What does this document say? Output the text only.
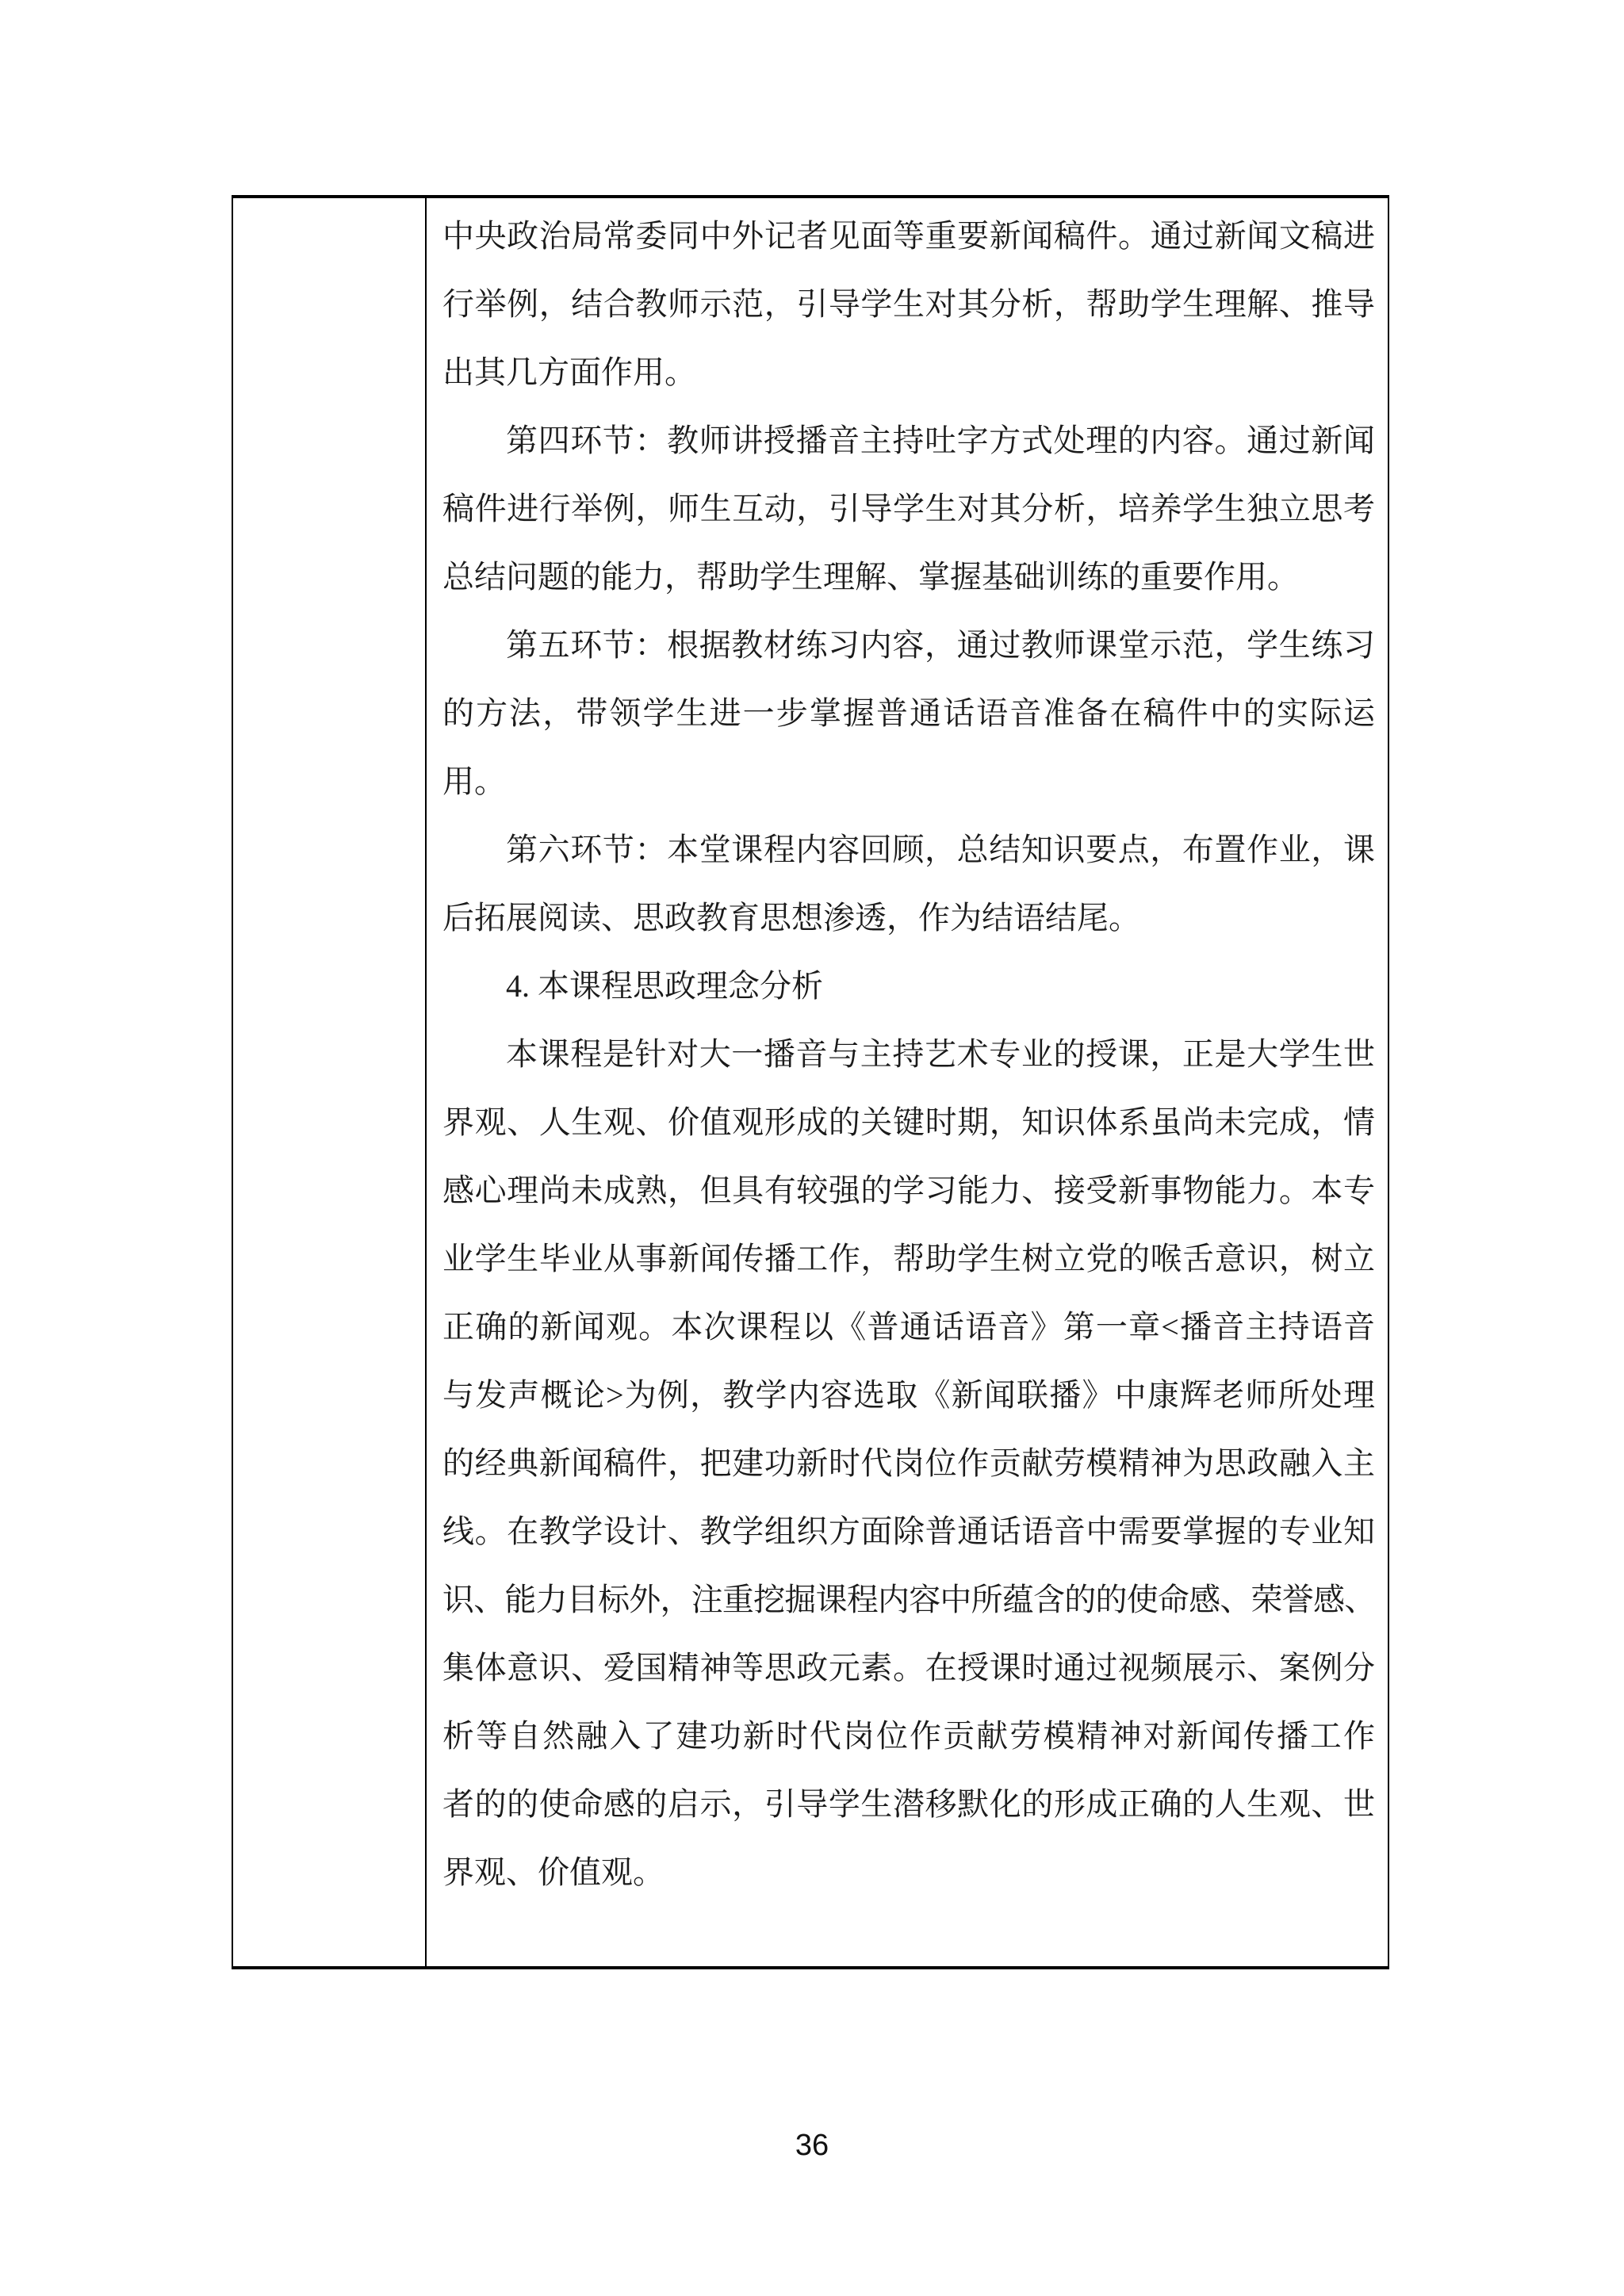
中央政治局常委同中外记者见面等重要新闻稿件。通过新闻文稿进
行举例，结合教师示范，引导学生对其分析，帮助学生理解、推导
出其几方面作用。
第四环节：教师讲授播音主持吐字方式处理的内容。通过新闻
稿件进行举例，师生互动，引导学生对其分析，培养学生独立思考
总结问题的能力，帮助学生理解、掌握基础训练的重要作用。
第五环节：根据教材练习内容，通过教师课堂示范，学生练习
的方法，带领学生进一步掌握普通话语音准备在稿件中的实际运
用。
第六环节：本堂课程内容回顾，总结知识要点，布置作业，课
后拓展阅读、思政教育思想渗透，作为结语结尾。
4. 本课程思政理念分析
本课程是针对大一播音与主持艺术专业的授课，正是大学生世
界观、人生观、价值观形成的关键时期，知识体系虽尚未完成，情
感心理尚未成熟，但具有较强的学习能力、接受新事物能力。本专
业学生毕业从事新闻传播工作，帮助学生树立党的喉舌意识，树立
正确的新闻观。本次课程以《普通话语音》第一章<播音主持语音
与发声概论>为例，教学内容选取《新闻联播》中康辉老师所处理
的经典新闻稿件，把建功新时代岗位作贡献劳模精神为思政融入主
线。在教学设计、教学组织方面除普通话语音中需要掌握的专业知
识、能力目标外，注重挖掘课程内容中所蕴含的的使命感、荣誉感、
集体意识、爱国精神等思政元素。在授课时通过视频展示、案例分
析等自然融入了建功新时代岗位作贡献劳模精神对新闻传播工作
者的的使命感的启示，引导学生潜移默化的形成正确的人生观、世
界观、价值观。
36
